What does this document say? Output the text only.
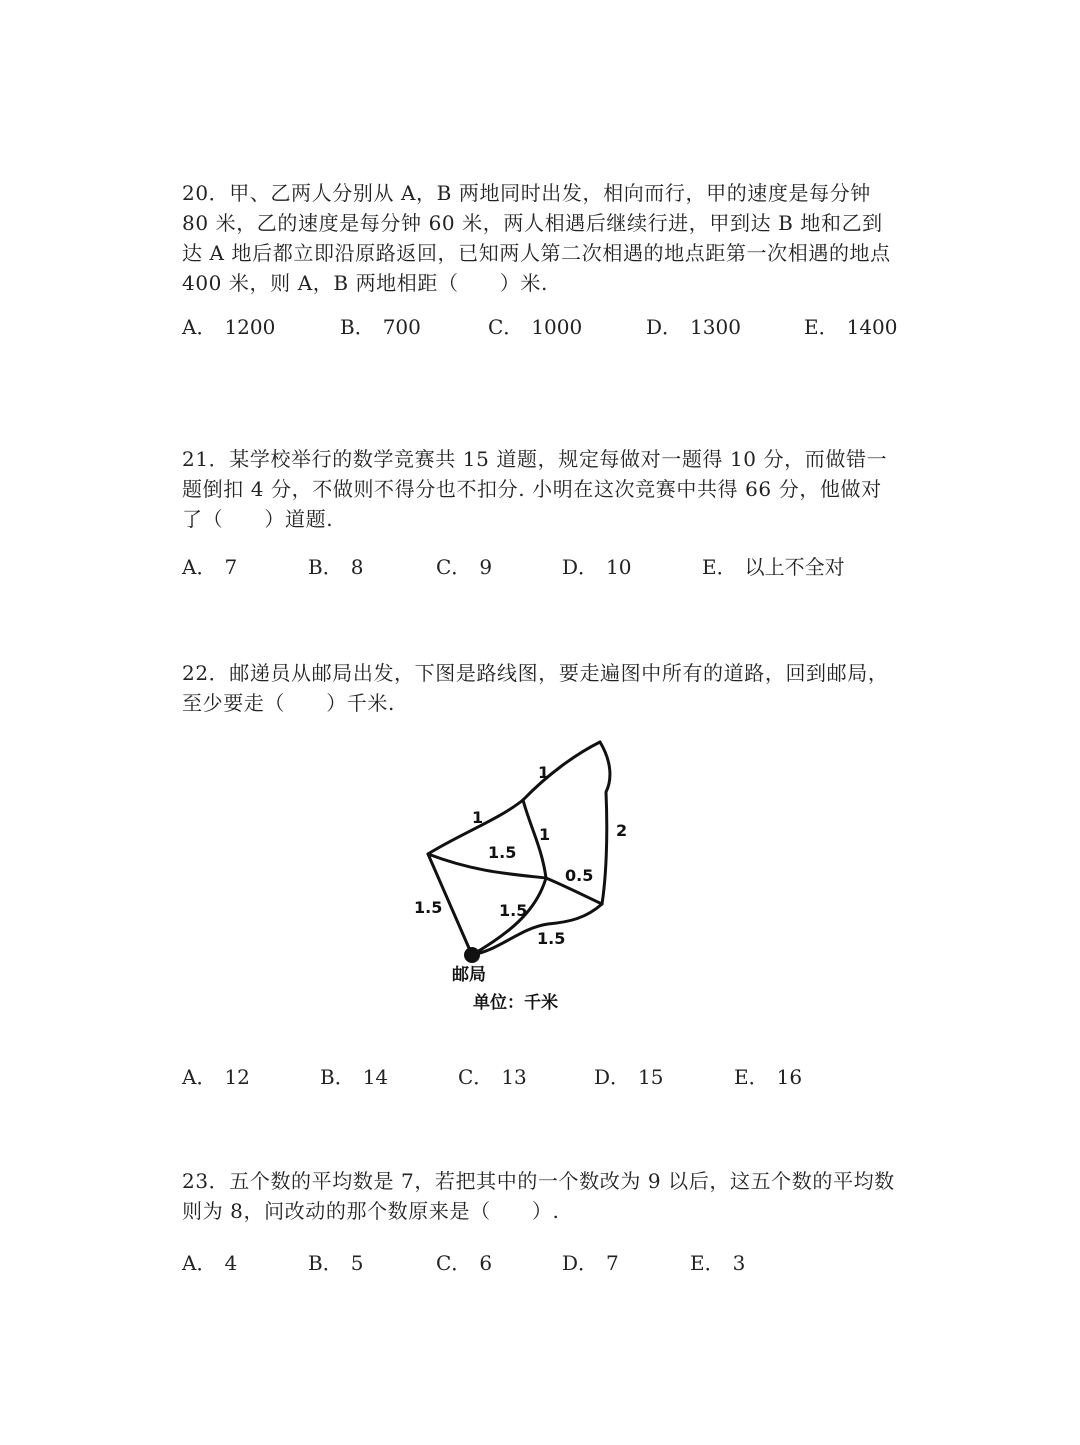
20．甲、乙两人分别从 A，B 两地同时出发，相向而行，甲的速度是每分钟 80 米，乙的速度是每分钟 60 米，两人相遇后继续行进，甲到达 B 地和乙到达 A 地后都立即沿原路返回，已知两人第二次相遇的地点距第一次相遇的地点 400 米，则 A，B 两地相距（　　）米.

A． 1200	B． 700	C． 1000	D． 1300	E． 1400

21．某学校举行的数学竞赛共 15 道题，规定每做对一题得 10 分，而做错一题倒扣 4 分，不做则不得分也不扣分. 小明在这次竞赛中共得 66 分，他做对了（　　）道题.

A． 7	B． 8	C． 9	D． 10	E． 以上不全对

22．邮递员从邮局出发，下图是路线图，要走遍图中所有的道路，回到邮局，至少要走（　　）千米.

1
1
2
1.5
1
0.5
1.5	1.5
1.5
邮局
单位：千米
A． 12	B． 14	C． 13	D． 15	E． 16

23．五个数的平均数是 7，若把其中的一个数改为 9 以后，这五个数的平均数则为 8，问改动的那个数原来是（　　）.

A． 4	B． 5	C． 6	D． 7	E． 3
